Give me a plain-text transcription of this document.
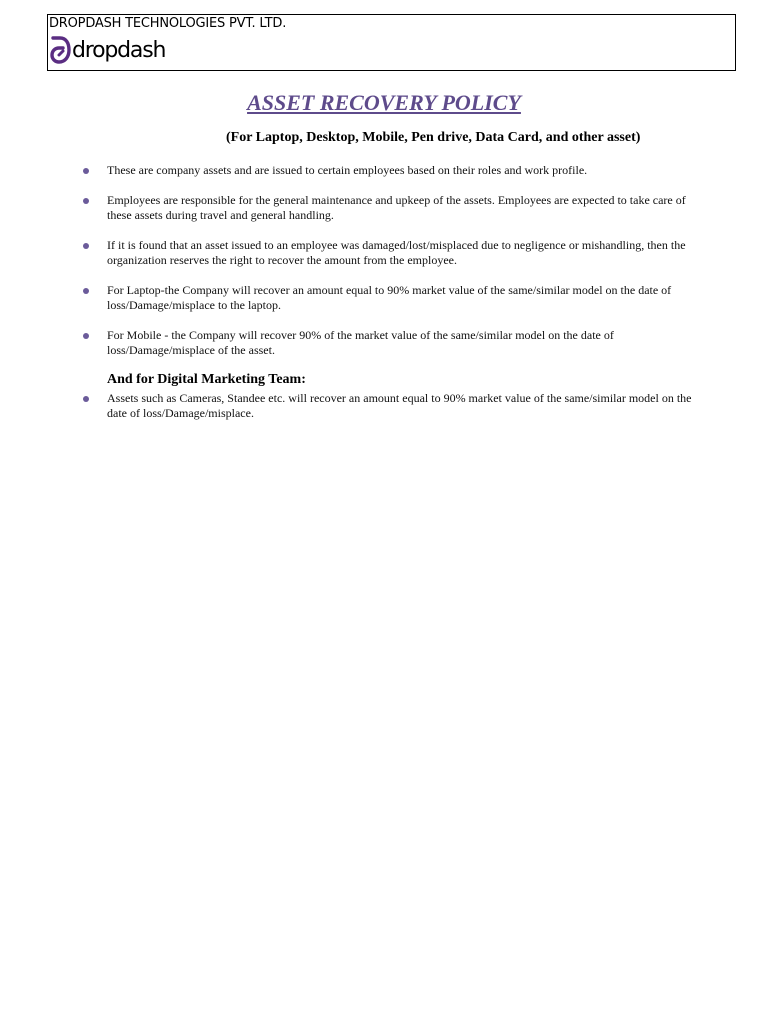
DROPDASH TECHNOLOGIES PVT. LTD.
dropdash
ASSET RECOVERY POLICY
(For Laptop, Desktop, Mobile, Pen drive, Data Card, and other asset)
These are company assets and are issued to certain employees based on their roles and work profile.
Employees are responsible for the general maintenance and upkeep of the assets. Employees are expected to take care of these assets during travel and general handling.
If it is found that an asset issued to an employee was damaged/lost/misplaced due to negligence or mishandling, then the organization reserves the right to recover the amount from the employee.
For Laptop-the Company will recover an amount equal to 90% market value of the same/similar model on the date of loss/Damage/misplace to the laptop.
For Mobile - the Company will recover 90% of the market value of the same/similar model on the date of loss/Damage/misplace of the asset.
And for Digital Marketing Team:
Assets such as Cameras, Standee etc. will recover an amount equal to 90% market value of the same/similar model on the date of loss/Damage/misplace.
